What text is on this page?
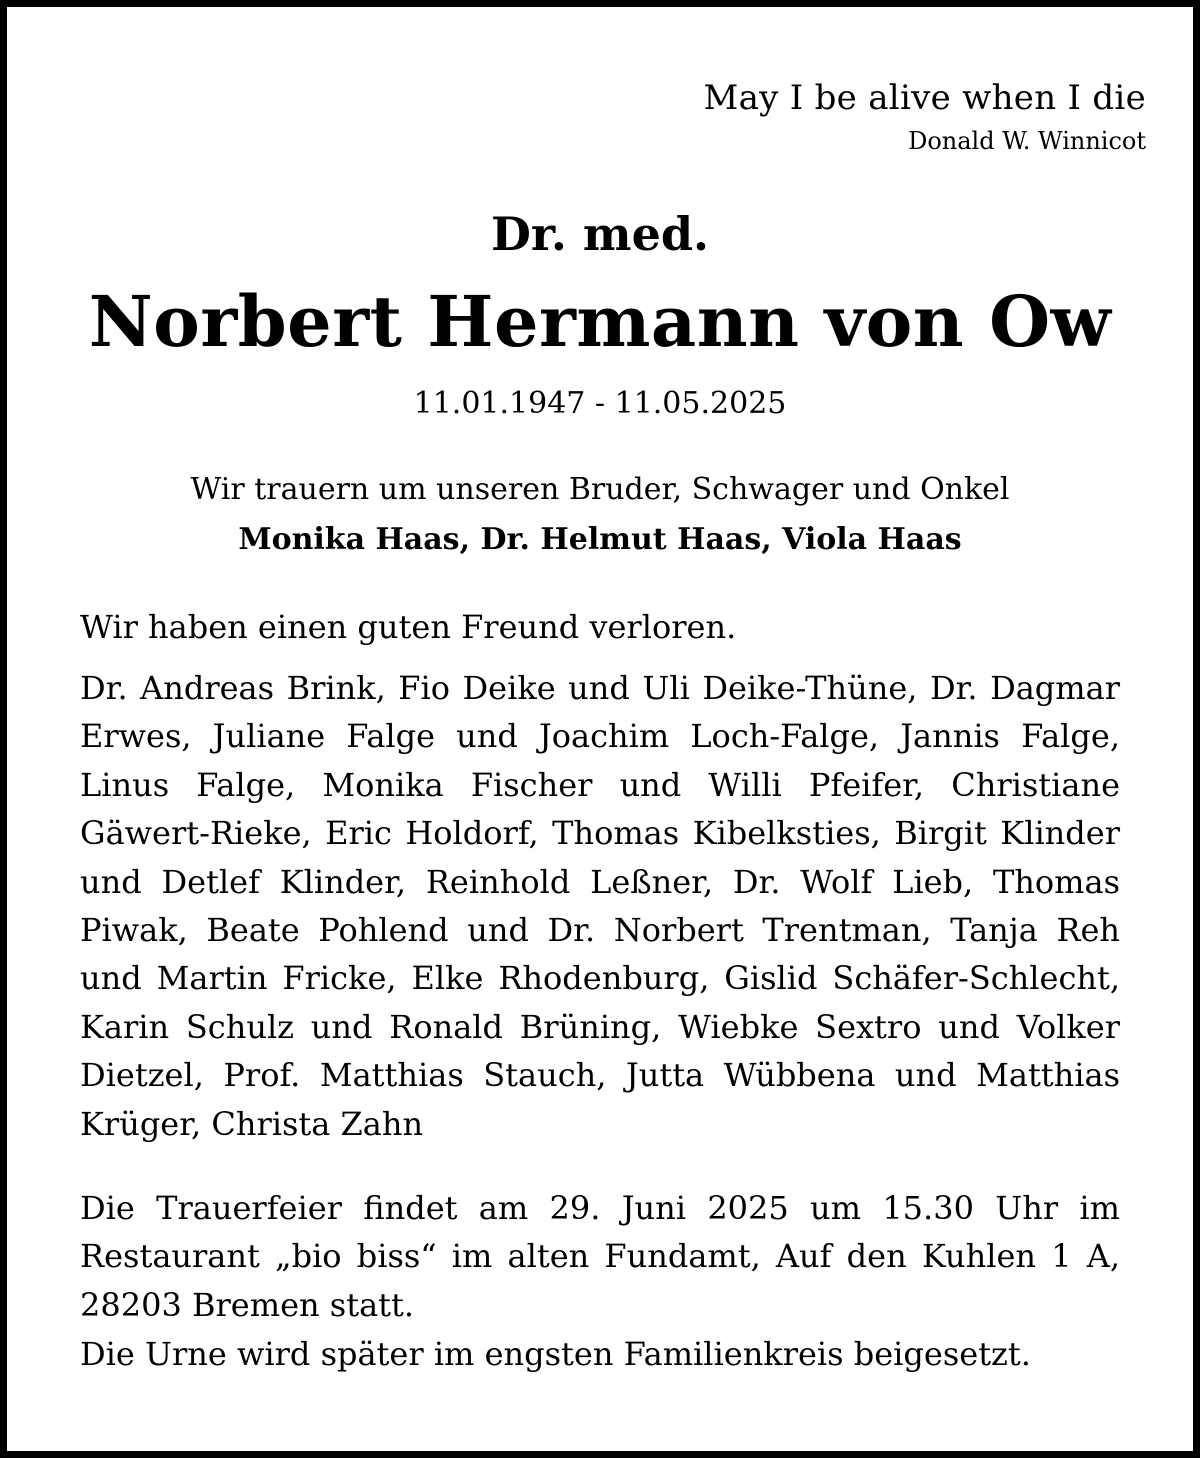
May I be alive when I die
Donald W. Winnicot
Dr. med.
Norbert Hermann von Ow
11.01.1947 - 11.05.2025
Wir trauern um unseren Bruder, Schwager und Onkel
Monika Haas, Dr. Helmut Haas, Viola Haas
Wir haben einen guten Freund verloren.
Dr. Andreas Brink, Fio Deike und Uli Deike-Thüne, Dr. Dagmar Erwes, Juliane Falge und Joachim Loch-Falge, Jannis Falge, Linus Falge, Monika Fischer und Willi Pfeifer, Christiane Gäwert-Rieke, Eric Holdorf, Thomas Kibelksties, Birgit Klinder und Detlef Klinder, Reinhold Leßner, Dr. Wolf Lieb, Thomas Piwak, Beate Pohlend und Dr. Norbert Trentman, Tanja Reh und Martin Fricke, Elke Rhodenburg, Gislid Schäfer-Schlecht, Karin Schulz und Ronald Brüning, Wiebke Sextro und Volker Dietzel, Prof. Matthias Stauch, Jutta Wübbena und Matthias Krüger, Christa Zahn
Die Trauerfeier findet am 29. Juni 2025 um 15.30 Uhr im Restaurant „bio biss“ im alten Fundamt, Auf den Kuhlen 1 A, 28203 Bremen statt.
Die Urne wird später im engsten Familienkreis beigesetzt.
